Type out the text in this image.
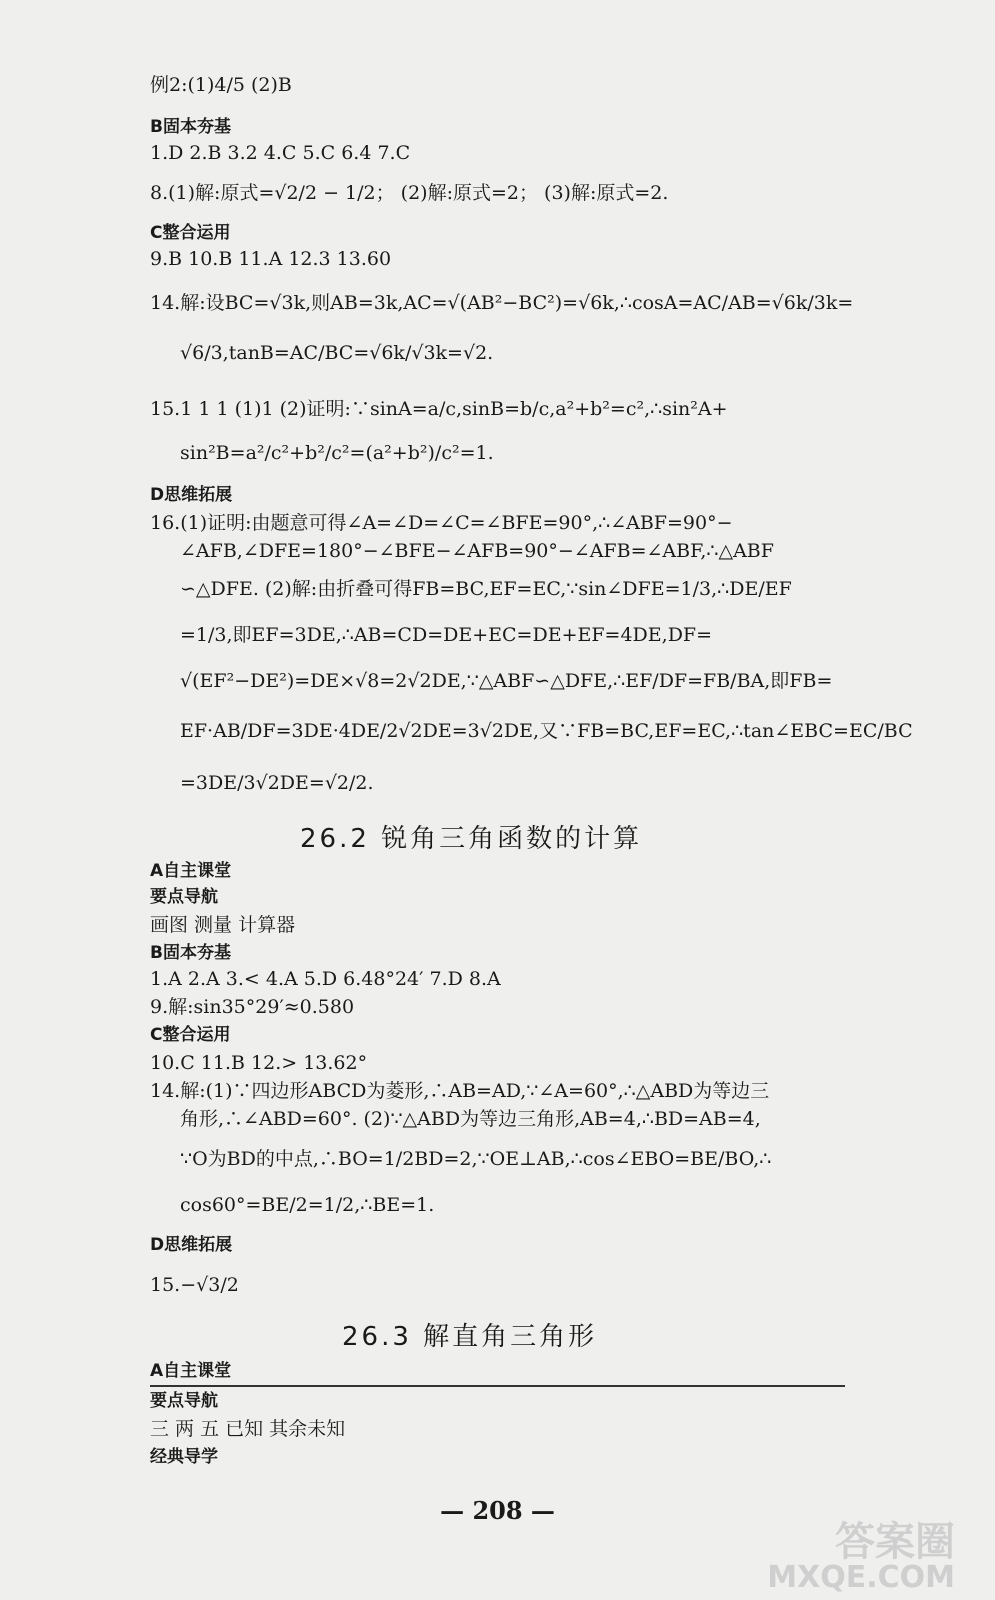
例2:(1)4/5 (2)B
B固本夯基
1.D 2.B 3.2 4.C 5.C 6.4 7.C
8.(1)解:原式=√2/2 − 1/2； (2)解:原式=2； (3)解:原式=2.
C整合运用
9.B 10.B 11.A 12.3 13.60
14.解:设BC=√3k,则AB=3k,AC=√(AB²−BC²)=√6k,∴cosA=AC/AB=√6k/3k=
√6/3,tanB=AC/BC=√6k/√3k=√2.
15.1 1 1 (1)1 (2)证明:∵sinA=a/c,sinB=b/c,a²+b²=c²,∴sin²A+
sin²B=a²/c²+b²/c²=(a²+b²)/c²=1.
D思维拓展
16.(1)证明:由题意可得∠A=∠D=∠C=∠BFE=90°,∴∠ABF=90°−
∠AFB,∠DFE=180°−∠BFE−∠AFB=90°−∠AFB=∠ABF,∴△ABF
∽△DFE. (2)解:由折叠可得FB=BC,EF=EC,∵sin∠DFE=1/3,∴DE/EF
=1/3,即EF=3DE,∴AB=CD=DE+EC=DE+EF=4DE,DF=
√(EF²−DE²)=DE×√8=2√2DE,∵△ABF∽△DFE,∴EF/DF=FB/BA,即FB=
EF·AB/DF=3DE·4DE/2√2DE=3√2DE,又∵FB=BC,EF=EC,∴tan∠EBC=EC/BC
=3DE/3√2DE=√2/2.
26.2 锐角三角函数的计算
A自主课堂
要点导航
画图 测量 计算器
B固本夯基
1.A 2.A 3.< 4.A 5.D 6.48°24′ 7.D 8.A
9.解:sin35°29′≈0.580
C整合运用
10.C 11.B 12.> 13.62°
14.解:(1)∵四边形ABCD为菱形,∴AB=AD,∵∠A=60°,∴△ABD为等边三
角形,∴∠ABD=60°. (2)∵△ABD为等边三角形,AB=4,∴BD=AB=4,
∵O为BD的中点,∴BO=1/2BD=2,∵OE⊥AB,∴cos∠EBO=BE/BO,∴
cos60°=BE/2=1/2,∴BE=1.
D思维拓展
15.−√3/2
26.3 解直角三角形
A自主课堂
要点导航
三 两 五 已知 其余未知
经典导学
— 208 —
答案圈
MXQE.COM
